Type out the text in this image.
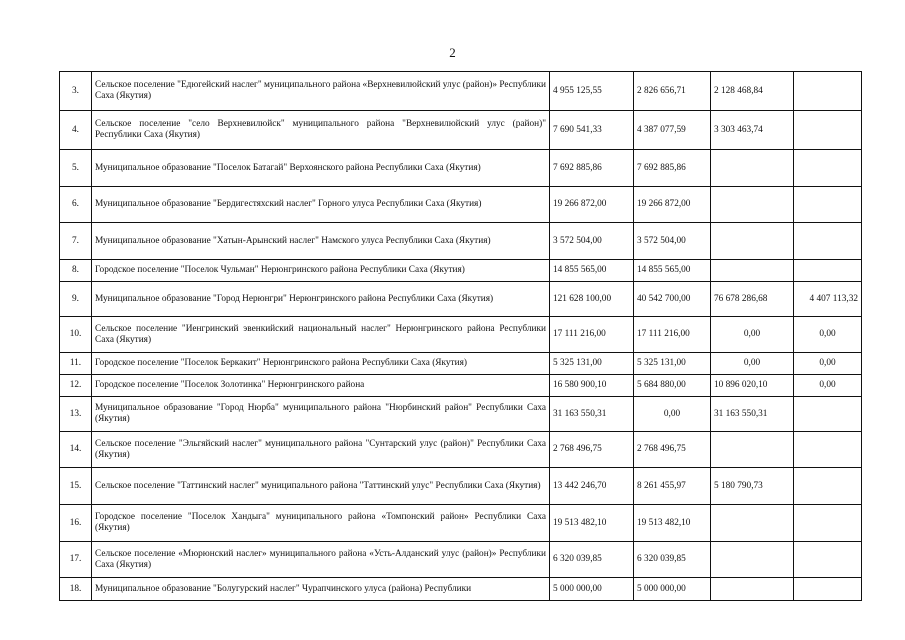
2
3.	Сельское поселение "Едюгейский наслег" муниципального района «Верхневилюйский улус (район)» Республики Саха (Якутия)	4 955 125,55	2 826 656,71	2 128 468,84	
4.	Сельское поселение "село Верхневилюйск" муниципального района "Верхневилюйский улус (район)" Республики Саха (Якутия)	7 690 541,33	4 387 077,59	3 303 463,74	
5.	Муниципальное образование "Поселок Батагай" Верхоянского района Республики Саха (Якутия)	7 692 885,86	7 692 885,86		
6.	Муниципальное образование "Бердигестяхский наслег" Горного улуса Республики Саха (Якутия)	19 266 872,00	19 266 872,00		
7.	Муниципальное образование "Хатын-Арынский наслег" Намского улуса Республики Саха (Якутия)	3 572 504,00	3 572 504,00		
8.	Городское поселение "Поселок Чульман" Нерюнгринского района Республики Саха (Якутия)	14 855 565,00	14 855 565,00		
9.	Муниципальное образование "Город Нерюнгри" Нерюнгринского района Республики Саха (Якутия)	121 628 100,00	40 542 700,00	76 678 286,68	4 407 113,32
10.	Сельское поселение "Иенгринский эвенкийский национальный наслег" Нерюнгринского района Республики Саха (Якутия)	17 111 216,00	17 111 216,00	0,00	0,00
11.	Городское поселение "Поселок Беркакит" Нерюнгринского района Республики Саха (Якутия)	5 325 131,00	5 325 131,00	0,00	0,00
12.	Городское поселение "Поселок Золотинка" Нерюнгринского района	16 580 900,10	5 684 880,00	10 896 020,10	0,00
13.	Муниципальное образование "Город Нюрба" муниципального района "Нюрбинский район" Республики Саха (Якутия)	31 163 550,31	0,00	31 163 550,31	
14.	Сельское поселение "Эльгяйский наслег" муниципального района "Сунтарский улус (район)" Республики Саха (Якутия)	2 768 496,75	2 768 496,75		
15.	Сельское поселение "Таттинский наслег" муниципального района "Таттинский улус" Республики Саха (Якутия)	13 442 246,70	8 261 455,97	5 180 790,73	
16.	Городское поселение "Поселок Хандыга" муниципального района «Томпонский район» Республики Саха (Якутия)	19 513 482,10	19 513 482,10		
17.	Сельское поселение «Мюрюнский наслег» муниципального района «Усть-Алданский улус (район)» Республики Саха (Якутия)	6 320 039,85	6 320 039,85		
18.	Муниципальное образование "Болугурский наслег" Чурапчинского улуса (района) Республики	5 000 000,00	5 000 000,00		
